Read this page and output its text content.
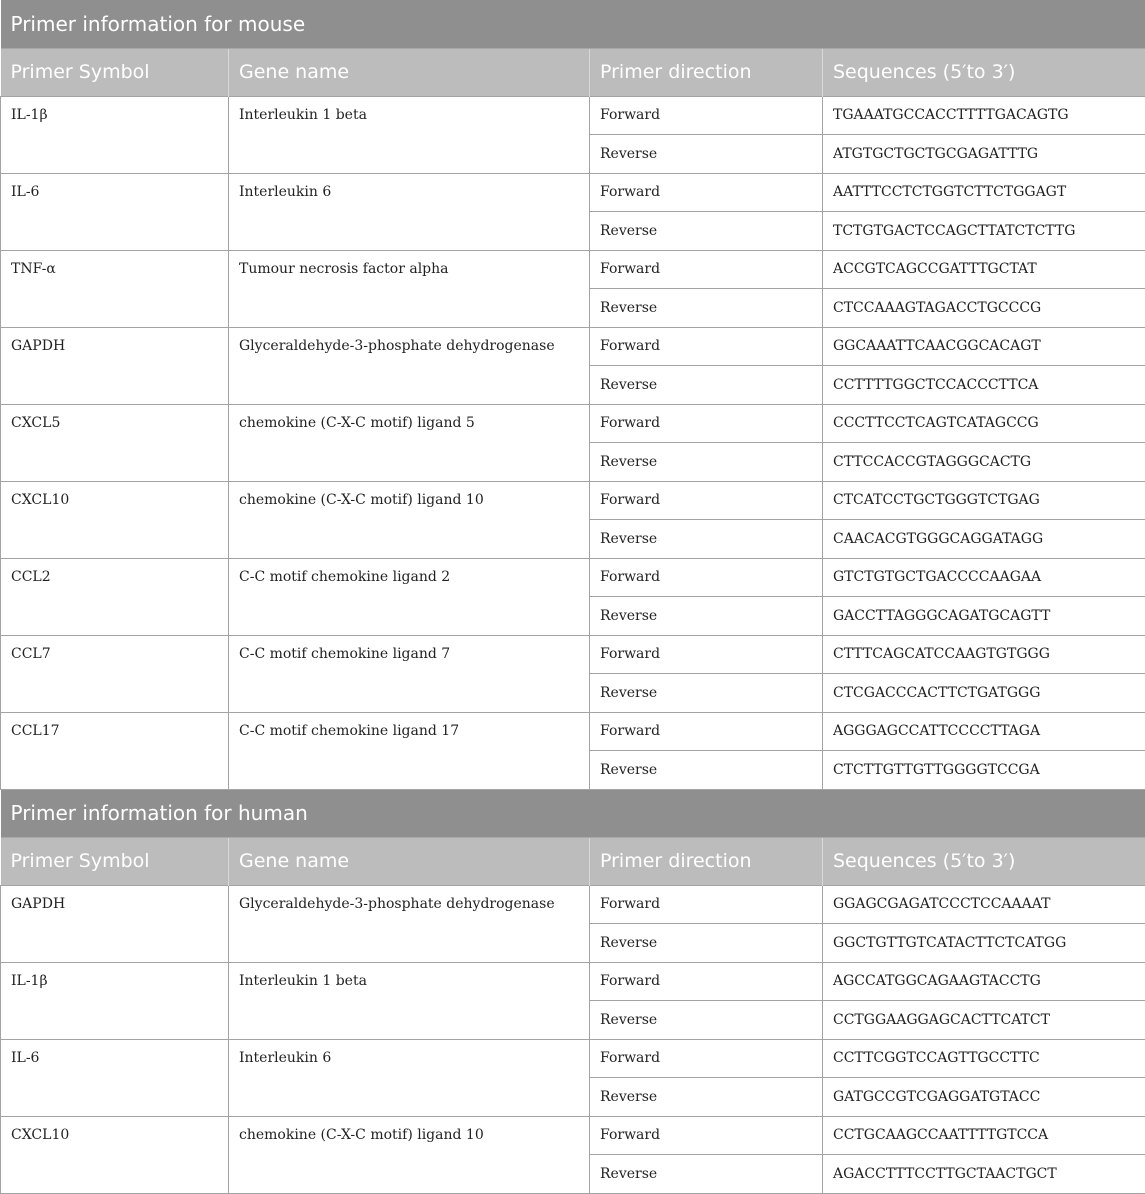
Primer information for mouse			
Primer Symbol	Gene name	Primer direction	Sequences (5′to 3′)
IL-1β	Interleukin 1 beta	Forward	TGAAATGCCACCTTTTGACAGTG
		Reverse	ATGTGCTGCTGCGAGATTTG
IL-6	Interleukin 6	Forward	AATTTCCTCTGGTCTTCTGGAGT
		Reverse	TCTGTGACTCCAGCTTATCTCTTG
TNF-α	Tumour necrosis factor alpha	Forward	ACCGTCAGCCGATTTGCTAT
		Reverse	CTCCAAAGTAGACCTGCCCG
GAPDH	Glyceraldehyde-3-phosphate dehydrogenase	Forward	GGCAAATTCAACGGCACAGT
		Reverse	CCTTTTGGCTCCACCCTTCA
CXCL5	chemokine (C-X-C motif) ligand 5	Forward	CCCTTCCTCAGTCATAGCCG
		Reverse	CTTCCACCGTAGGGCACTG
CXCL10	chemokine (C-X-C motif) ligand 10	Forward	CTCATCCTGCTGGGTCTGAG
		Reverse	CAACACGTGGGCAGGATAGG
CCL2	C-C motif chemokine ligand 2	Forward	GTCTGTGCTGACCCCAAGAA
		Reverse	GACCTTAGGGCAGATGCAGTT
CCL7	C-C motif chemokine ligand 7	Forward	CTTTCAGCATCCAAGTGTGGG
		Reverse	CTCGACCCACTTCTGATGGG
CCL17	C-C motif chemokine ligand 17	Forward	AGGGAGCCATTCCCCTTAGA
		Reverse	CTCTTGTTGTTGGGGTCCGA
Primer information for human			
Primer Symbol	Gene name	Primer direction	Sequences (5′to 3′)
GAPDH	Glyceraldehyde-3-phosphate dehydrogenase	Forward	GGAGCGAGATCCCTCCAAAAT
		Reverse	GGCTGTTGTCATACTTCTCATGG
IL-1β	Interleukin 1 beta	Forward	AGCCATGGCAGAAGTACCTG
		Reverse	CCTGGAAGGAGCACTTCATCT
IL-6	Interleukin 6	Forward	CCTTCGGTCCAGTTGCCTTC
		Reverse	GATGCCGTCGAGGATGTACC
CXCL10	chemokine (C-X-C motif) ligand 10	Forward	CCTGCAAGCCAATTTTGTCCA
		Reverse	AGACCTTTCCTTGCTAACTGCT
